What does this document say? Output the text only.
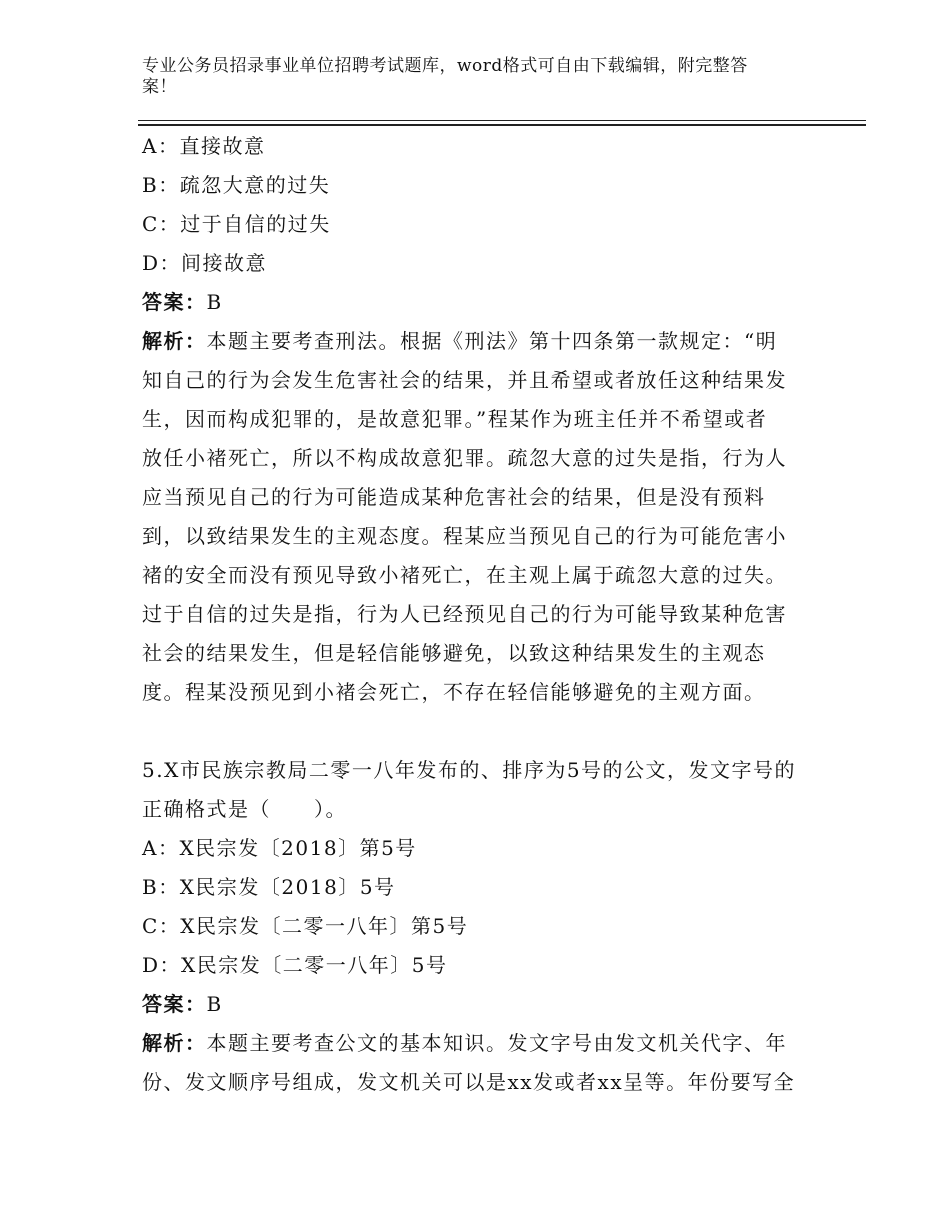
专业公务员招录事业单位招聘考试题库，word格式可自由下载编辑，附完整答
案！
A：直接故意
B：疏忽大意的过失
C：过于自信的过失
D：间接故意
答案：B
解析：本题主要考查刑法。根据《刑法》第十四条第一款规定：“明
知自己的行为会发生危害社会的结果，并且希望或者放任这种结果发
生，因而构成犯罪的，是故意犯罪。”程某作为班主任并不希望或者
放任小褚死亡，所以不构成故意犯罪。疏忽大意的过失是指，行为人
应当预见自己的行为可能造成某种危害社会的结果，但是没有预料
到，以致结果发生的主观态度。程某应当预见自己的行为可能危害小
褚的安全而没有预见导致小褚死亡，在主观上属于疏忽大意的过失。
过于自信的过失是指，行为人已经预见自己的行为可能导致某种危害
社会的结果发生，但是轻信能够避免，以致这种结果发生的主观态
度。程某没预见到小褚会死亡，不存在轻信能够避免的主观方面。
5.X市民族宗教局二零一八年发布的、排序为5号的公文，发文字号的
正确格式是（　　）。
A：X民宗发〔2018〕第5号
B：X民宗发〔2018〕5号
C：X民宗发〔二零一八年〕第5号
D：X民宗发〔二零一八年〕5号
答案：B
解析：本题主要考查公文的基本知识。发文字号由发文机关代字、年
份、发文顺序号组成，发文机关可以是xx发或者xx呈等。年份要写全
